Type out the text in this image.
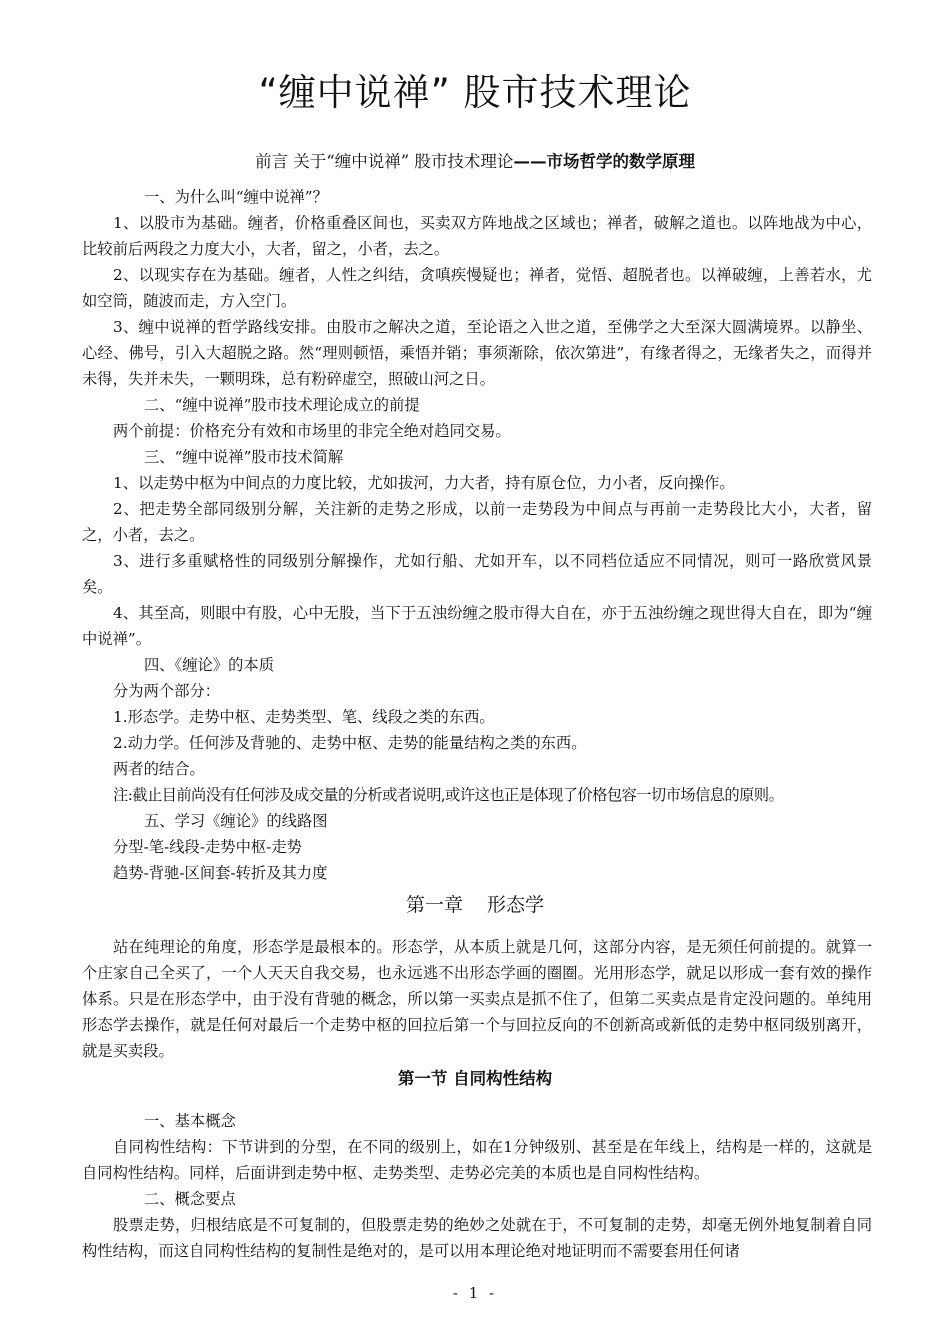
“缠中说禅” 股市技术理论
前言 关于“缠中说禅” 股市技术理论——市场哲学的数学原理

一、为什么叫“缠中说禅”？

1、以股市为基础。缠者，价格重叠区间也，买卖双方阵地战之区域也；禅者，破解之道也。以阵地战为中心，比较前后两段之力度大小，大者，留之，小者，去之。

2、以现实存在为基础。缠者，人性之纠结，贪嗔疾慢疑也；禅者，觉悟、超脱者也。以禅破缠，上善若水，尤如空筒，随波而走，方入空门。

3、缠中说禅的哲学路线安排。由股市之解决之道，至论语之入世之道，至佛学之大至深大圆满境界。以静坐、心经、佛号，引入大超脱之路。然“理则顿悟，乘悟并销；事须渐除，依次第进”，有缘者得之，无缘者失之，而得并未得，失并未失，一颗明珠，总有粉碎虚空，照破山河之日。

二、“缠中说禅”股市技术理论成立的前提

两个前提：价格充分有效和市场里的非完全绝对趋同交易。

三、“缠中说禅”股市技术简解

1、以走势中枢为中间点的力度比较，尤如拔河，力大者，持有原仓位，力小者，反向操作。

2、把走势全部同级别分解，关注新的走势之形成，以前一走势段为中间点与再前一走势段比大小，大者，留之，小者，去之。

3、进行多重赋格性的同级别分解操作，尤如行船、尤如开车，以不同档位适应不同情况，则可一路欣赏风景矣。

4、其至高，则眼中有股，心中无股，当下于五浊纷缠之股市得大自在，亦于五浊纷缠之现世得大自在，即为“缠中说禅”。

四、《缠论》的本质

分为两个部分：

1.形态学。走势中枢、走势类型、笔、线段之类的东西。

2.动力学。任何涉及背驰的、走势中枢、走势的能量结构之类的东西。

两者的结合。

注:截止目前尚没有任何涉及成交量的分析或者说明,或许这也正是体现了价格包容一切市场信息的原则。

五、学习《缠论》的线路图

分型-笔-线段-走势中枢-走势

趋势-背驰-区间套-转折及其力度

第一章 形态学

站在纯理论的角度，形态学是最根本的。形态学，从本质上就是几何，这部分内容，是无须任何前提的。就算一个庄家自己全买了，一个人天天自我交易，也永远逃不出形态学画的圈圈。光用形态学，就足以形成一套有效的操作体系。只是在形态学中，由于没有背驰的概念，所以第一买卖点是抓不住了，但第二买卖点是肯定没问题的。单纯用形态学去操作，就是任何对最后一个走势中枢的回拉后第一个与回拉反向的不创新高或新低的走势中枢同级别离开，就是买卖段。

第一节 自同构性结构

一、基本概念

自同构性结构：下节讲到的分型，在不同的级别上，如在1分钟级别、甚至是在年线上，结构是一样的，这就是自同构性结构。同样，后面讲到走势中枢、走势类型、走势必完美的本质也是自同构性结构。

二、概念要点

股票走势，归根结底是不可复制的，但股票走势的绝妙之处就在于，不可复制的走势，却毫无例外地复制着自同构性结构，而这自同构性结构的复制性是绝对的，是可以用本理论绝对地证明而不需要套用任何诸

- 1 -
